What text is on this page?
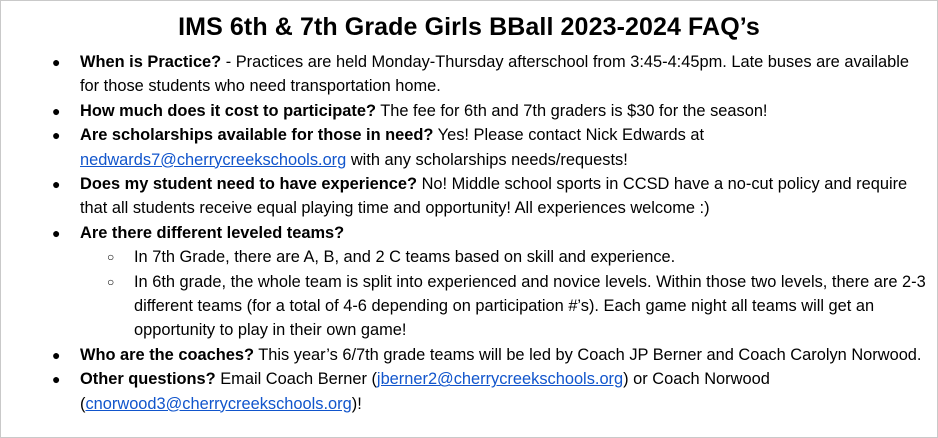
IMS 6th & 7th Grade Girls BBall 2023-2024 FAQ’s
● When is Practice? - Practices are held Monday-Thursday afterschool from 3:45-4:45pm. Late buses are available for those students who need transportation home.
● How much does it cost to participate? The fee for 6th and 7th graders is $30 for the season!
● Are scholarships available for those in need? Yes! Please contact Nick Edwards at nedwards7@cherrycreekschools.org with any scholarships needs/requests!
● Does my student need to have experience? No! Middle school sports in CCSD have a no-cut policy and require that all students receive equal playing time and opportunity! All experiences welcome :)
● Are there different leveled teams?
○ In 7th Grade, there are A, B, and 2 C teams based on skill and experience.
○ In 6th grade, the whole team is split into experienced and novice levels. Within those two levels, there are 2-3 different teams (for a total of 4-6 depending on participation #’s). Each game night all teams will get an opportunity to play in their own game!
● Who are the coaches? This year’s 6/7th grade teams will be led by Coach JP Berner and Coach Carolyn Norwood.
● Other questions? Email Coach Berner (jberner2@cherrycreekschools.org) or Coach Norwood (cnorwood3@cherrycreekschools.org)!
